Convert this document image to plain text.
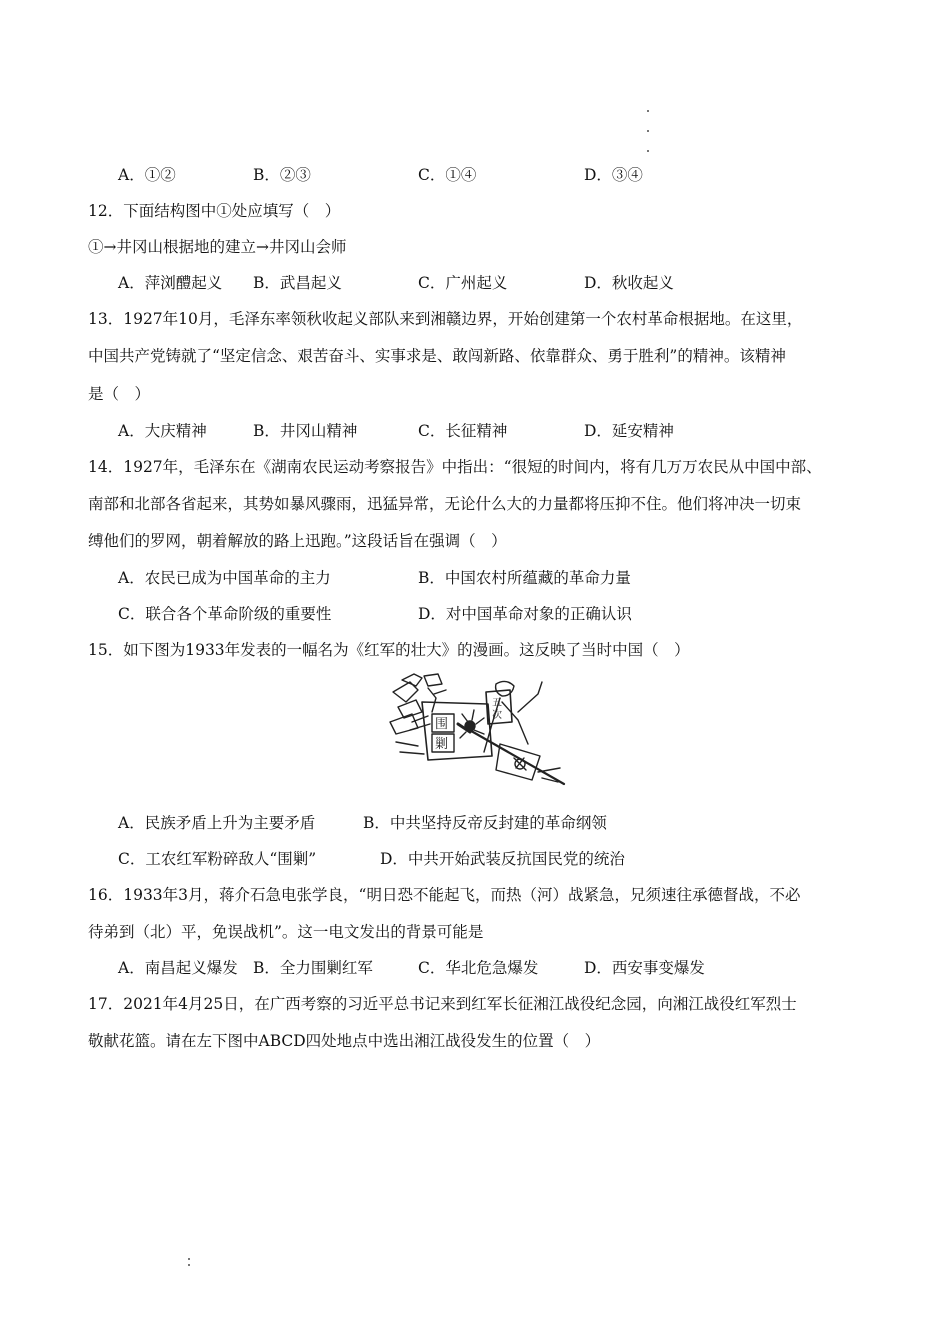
A．①②	B．②③	C．①④	D．③④
12．下面结构图中①处应填写（　）
①→井冈山根据地的建立→井冈山会师
A．萍浏醴起义 B．武昌起义	C．广州起义	D．秋收起义
13．1927年10月，毛泽东率领秋收起义部队来到湘赣边界，开始创建第一个农村革命根据地。在这里，
中国共产党铸就了“坚定信念、艰苦奋斗、实事求是、敢闯新路、依靠群众、勇于胜利”的精神。该精神
是（　）
A．大庆精神	B．井冈山精神	C．长征精神	D．延安精神
14．1927年，毛泽东在《湖南农民运动考察报告》中指出：“很短的时间内，将有几万万农民从中国中部、
南部和北部各省起来，其势如暴风骤雨，迅猛异常，无论什么大的力量都将压抑不住。他们将冲决一切束
缚他们的罗网，朝着解放的路上迅跑。”这段话旨在强调（　）
A．农民已成为中国革命的主力	B．中国农村所蕴藏的革命力量
C．联合各个革命阶级的重要性	D．对中国革命对象的正确认识
15．如下图为1933年发表的一幅名为《红军的壮大》的漫画。这反映了当时中国（　）
五
次
围
剿
A．民族矛盾上升为主要矛盾	B．中共坚持反帝反封建的革命纲领
C．工农红军粉碎敌人“围剿”	D．中共开始武装反抗国民党的统治
16．1933年3月，蒋介石急电张学良，“明日恐不能起飞，而热（河）战紧急，兄须速往承德督战，不必
待弟到（北）平，免误战机”。这一电文发出的背景可能是
A．南昌起义爆发 B．全力围剿红军	C．华北危急爆发	D．西安事变爆发
17．2021年4月25日，在广西考察的习近平总书记来到红军长征湘江战役纪念园，向湘江战役红军烈士
敬献花篮。请在左下图中ABCD四处地点中选出湘江战役发生的位置（　）
